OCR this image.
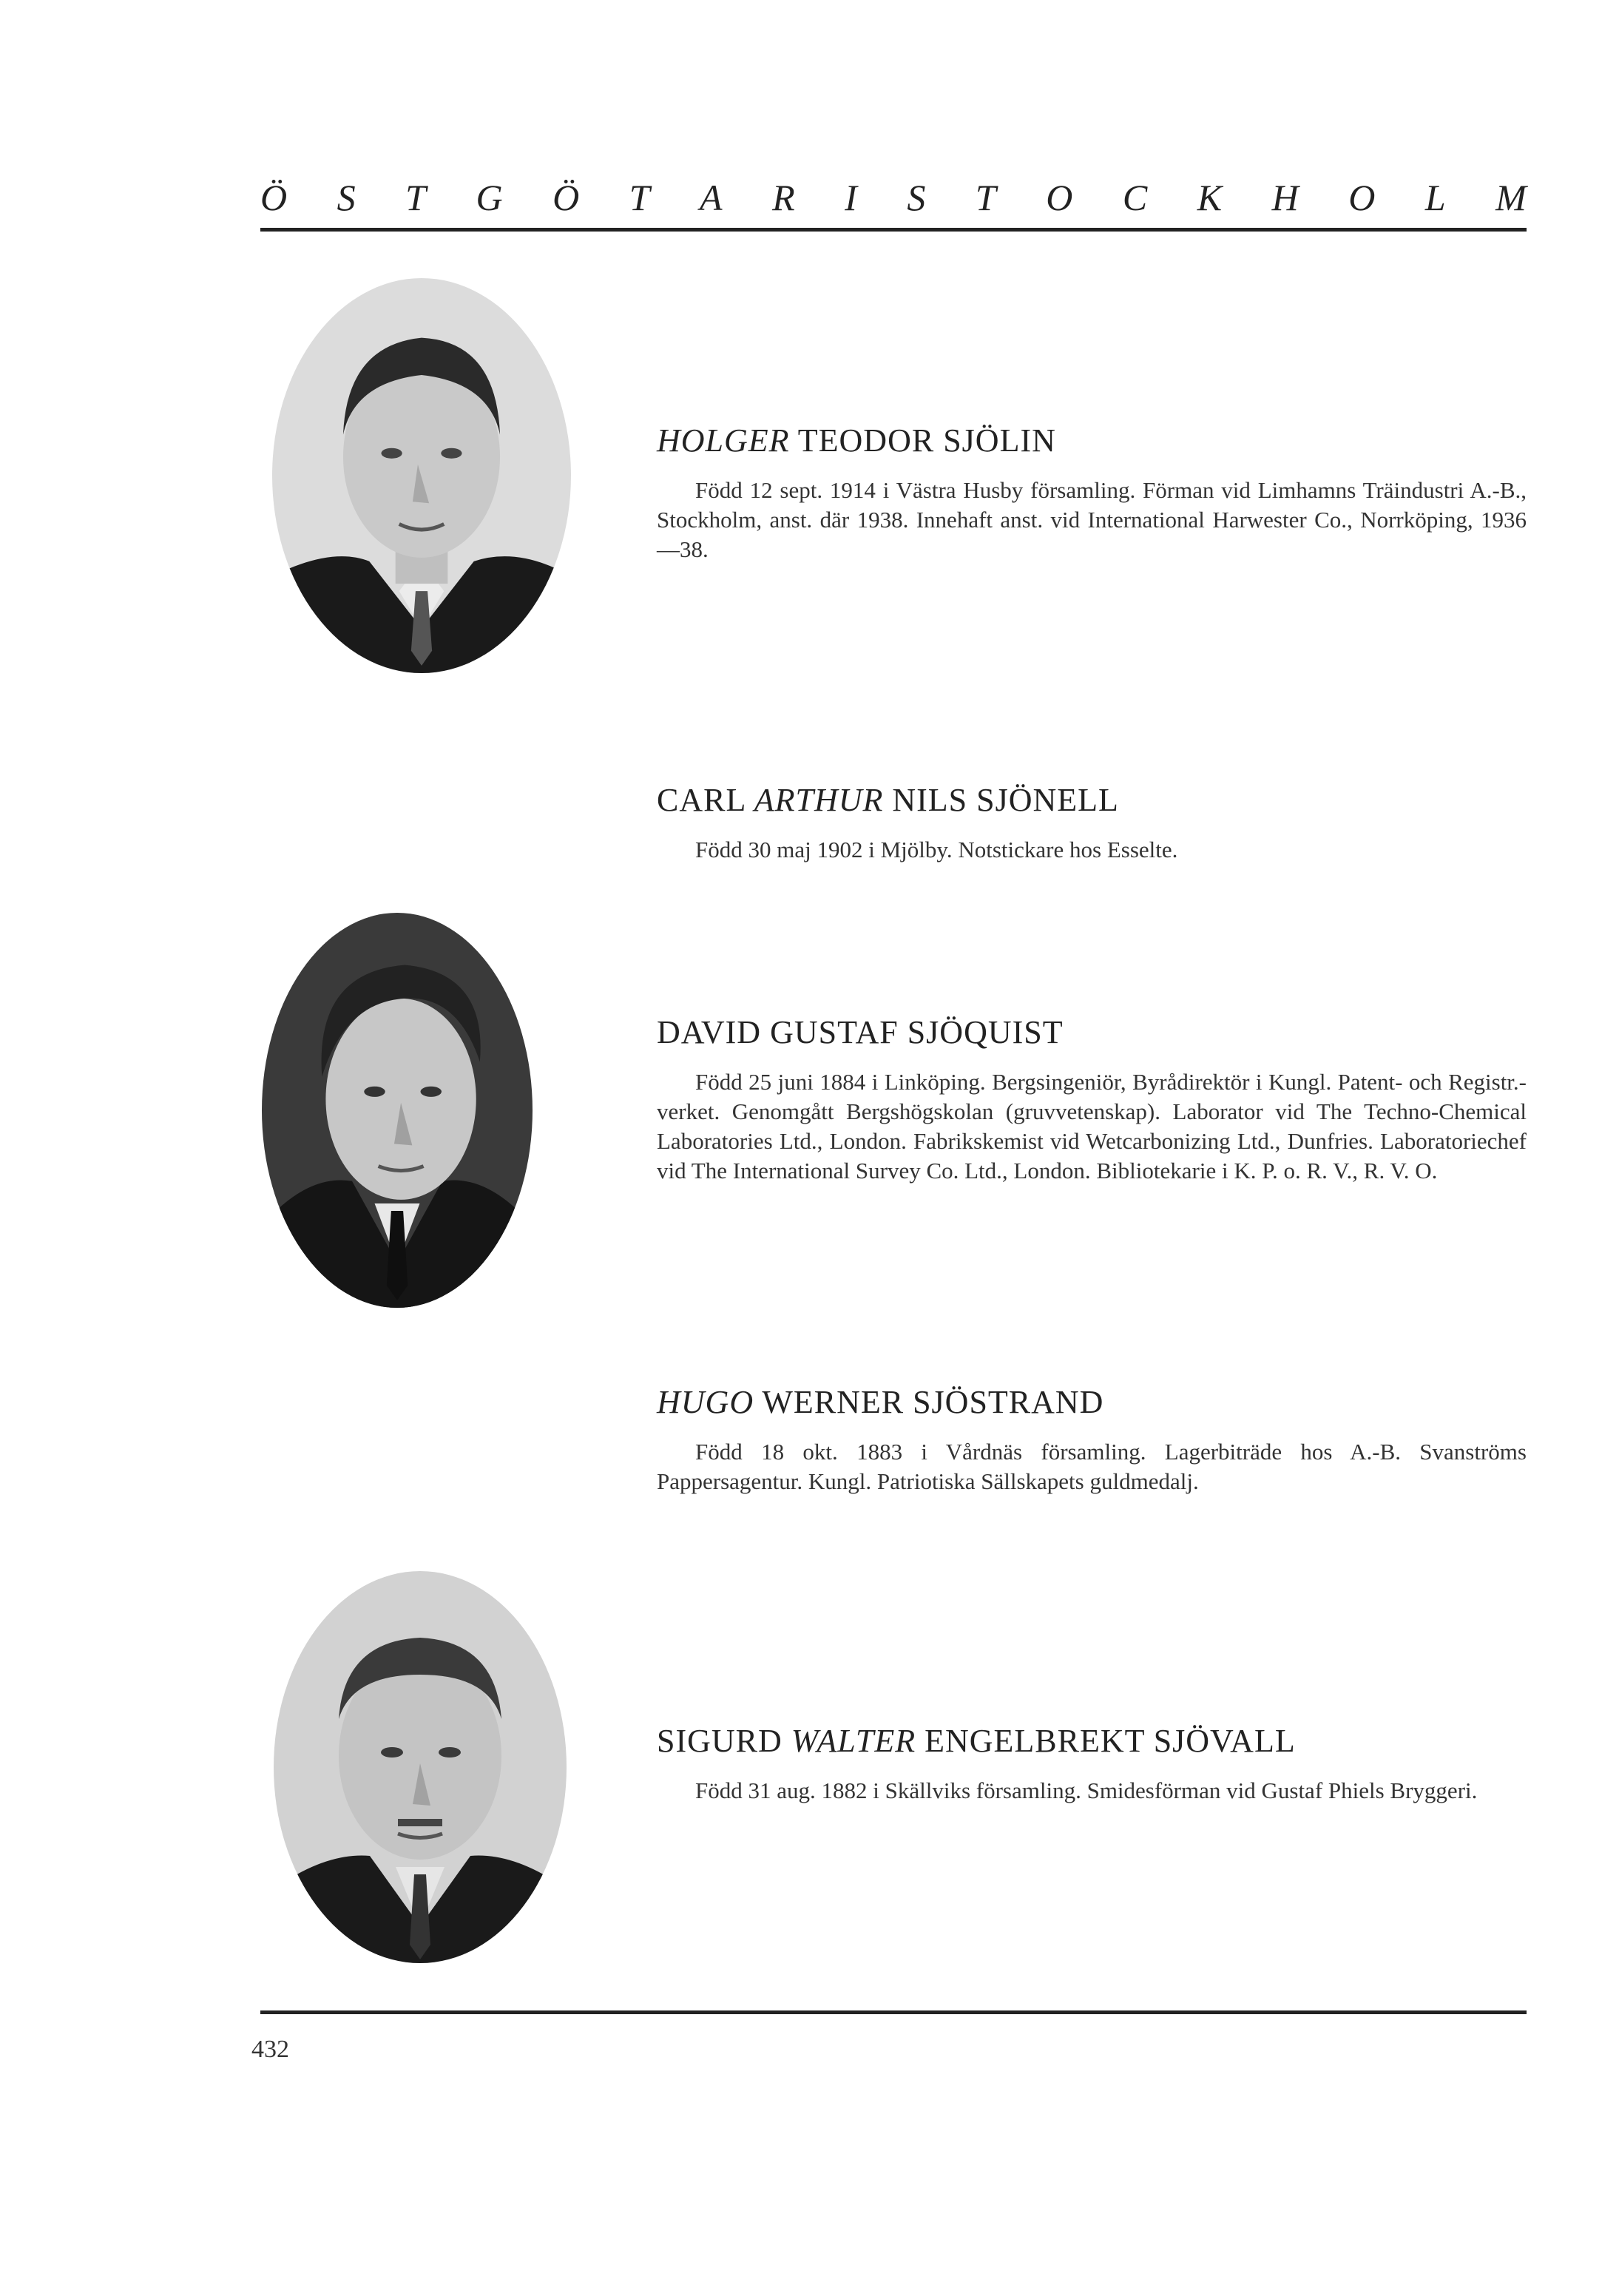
Ö S T G Ö T A R I S T O C K H O L M
HOLGER TEODOR SJÖLIN

Född 12 sept. 1914 i Västra Husby församling. Förman vid Limhamns Träindustri A.-B., Stockholm, anst. där 1938. Innehaft anst. vid International Harwester Co., Norrköping, 1936—38.

CARL ARTHUR NILS SJÖNELL

Född 30 maj 1902 i Mjölby. Notstickare hos Esselte.

DAVID GUSTAF SJÖQUIST

Född 25 juni 1884 i Linköping. Bergsingeniör, Byrådirektör i Kungl. Patent- och Registr.-verket. Genomgått Bergshögskolan (gruvvetenskap). Laborator vid The Techno-Chemical Laboratories Ltd., London. Fabrikskemist vid Wetcarbonizing Ltd., Dunfries. Laboratoriechef vid The International Survey Co. Ltd., London. Bibliotekarie i K. P. o. R. V., R. V. O.

HUGO WERNER SJÖSTRAND

Född 18 okt. 1883 i Vårdnäs församling. Lagerbiträde hos A.-B. Svanströms Pappersagentur. Kungl. Patriotiska Sällskapets guldmedalj.

SIGURD WALTER ENGELBREKT SJÖVALL

Född 31 aug. 1882 i Skällviks församling. Smidesförman vid Gustaf Phiels Bryggeri.

432
